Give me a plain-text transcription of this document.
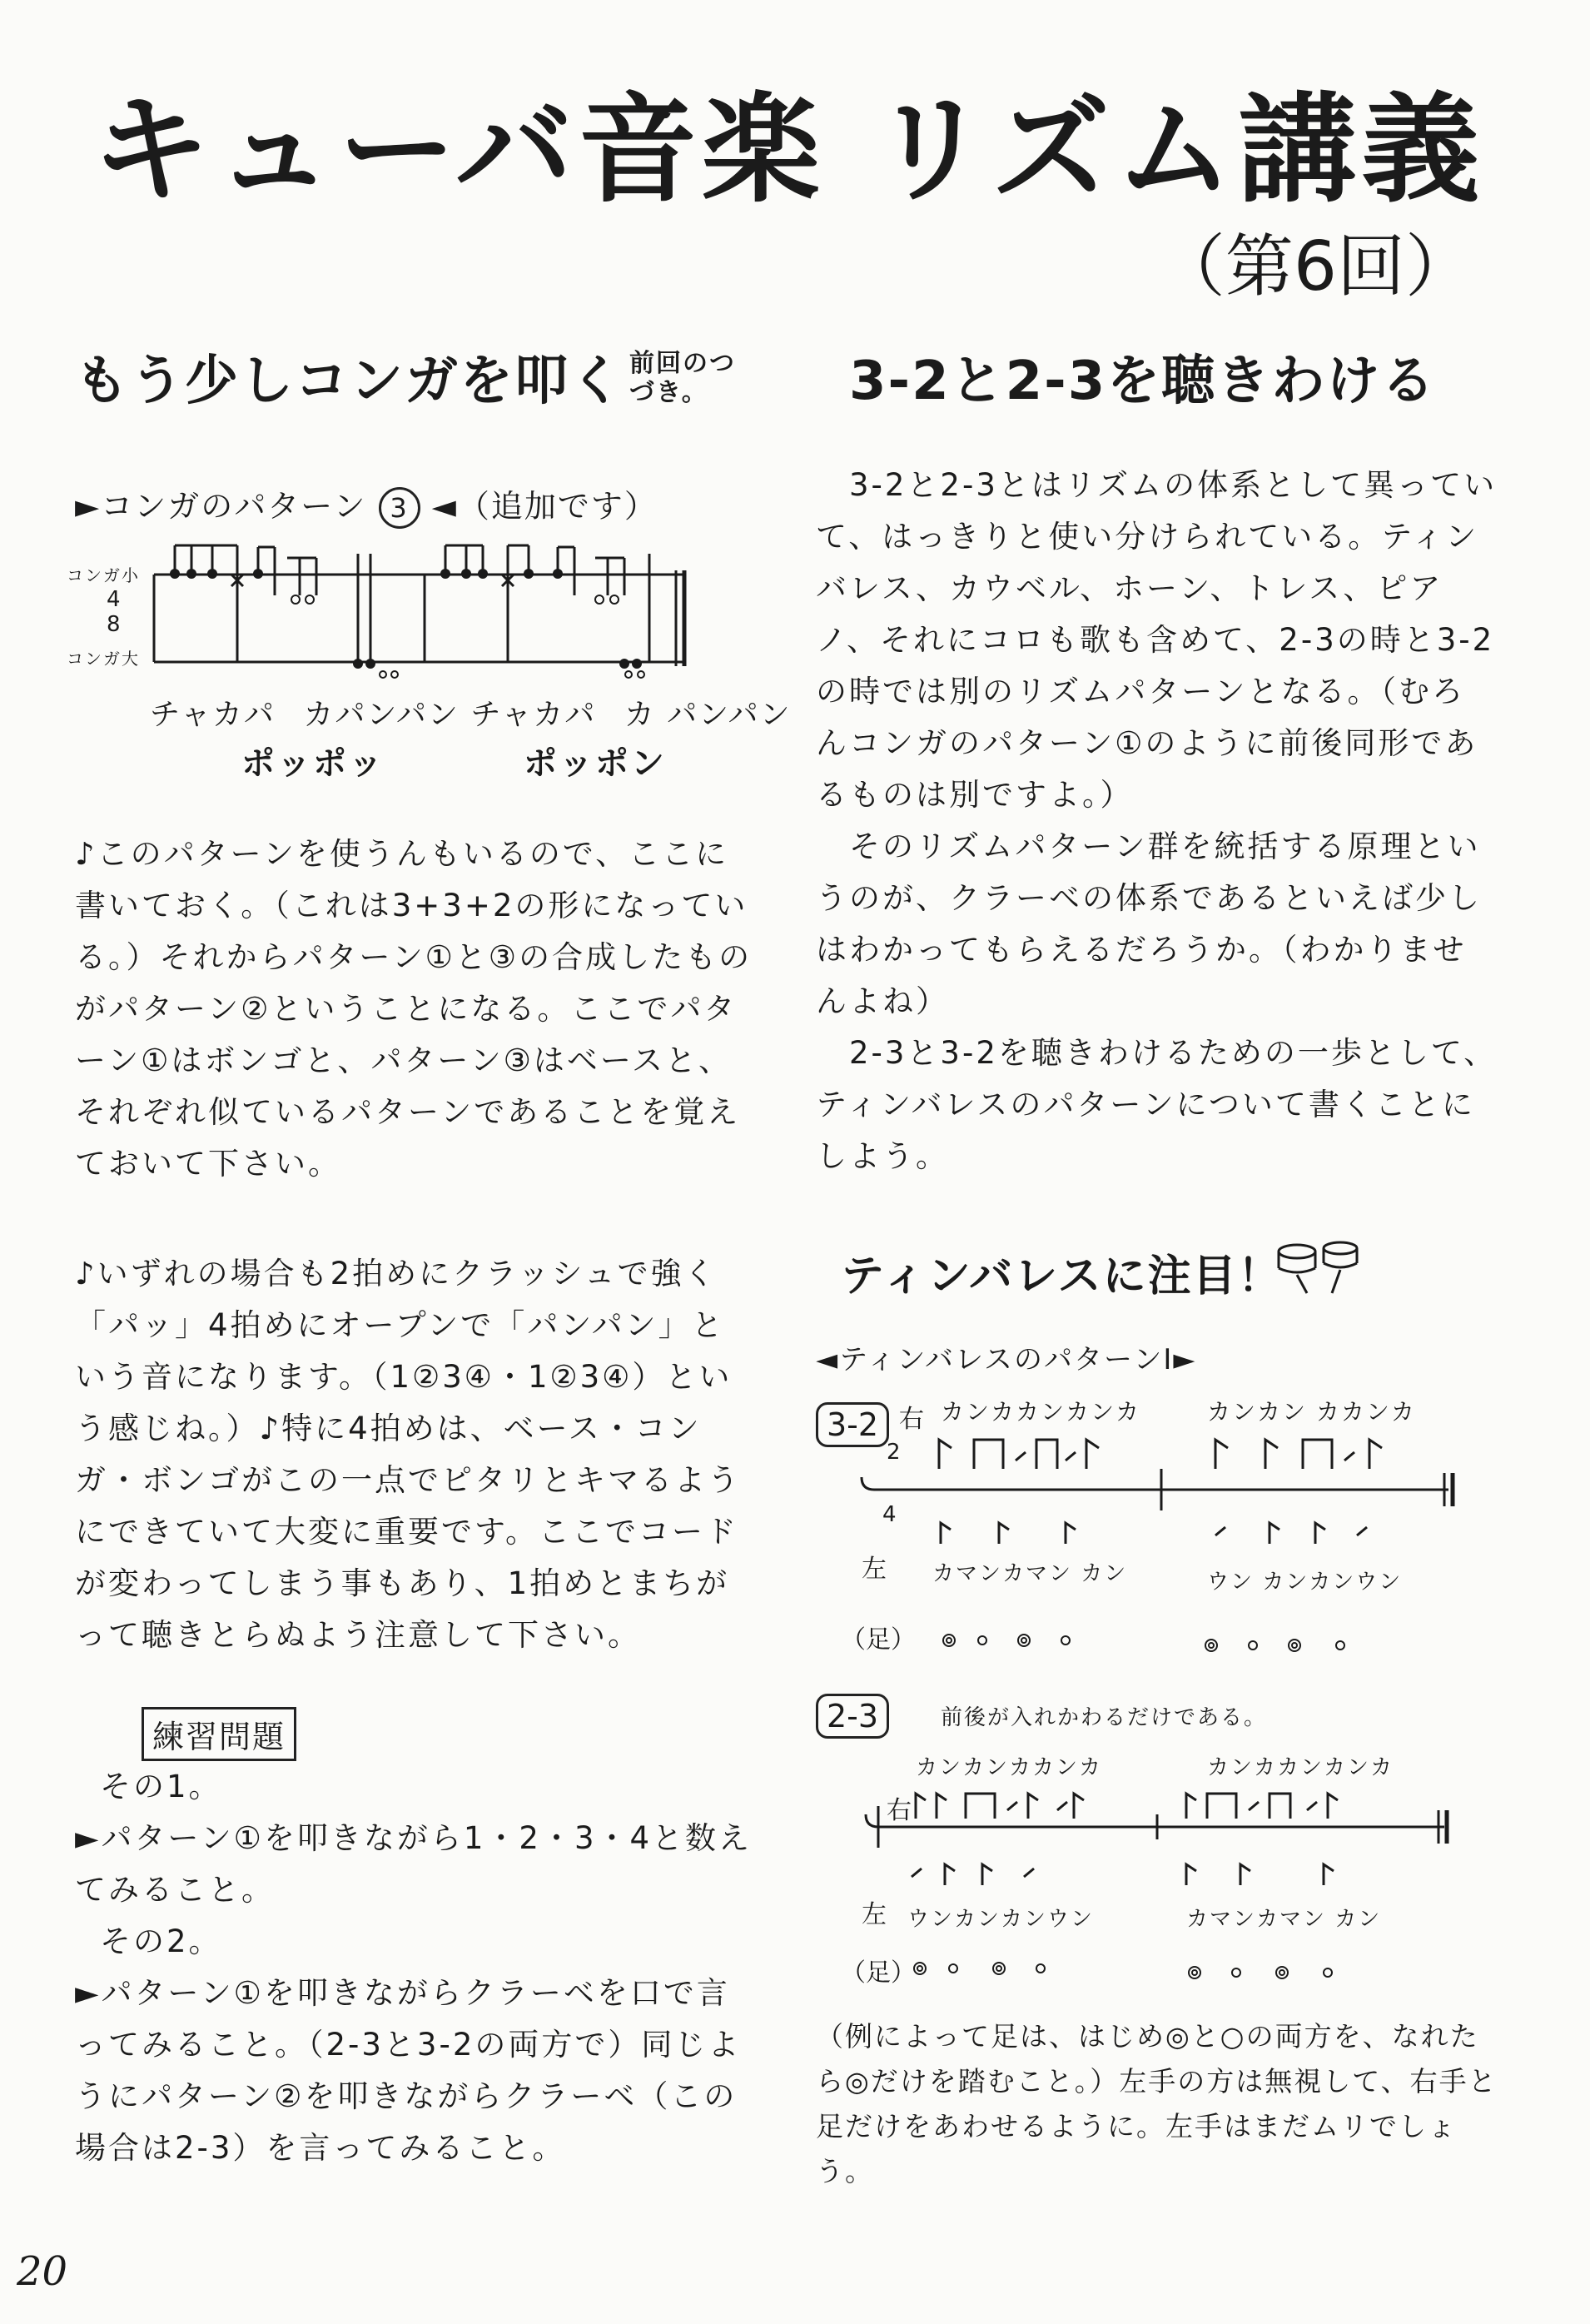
キューバ音楽 リズム講義
（第6回）
もう少しコンガを叩く 前回のつづき。
►コンガのパターン 3 ◄（追加です）
コンガ小
4
8
コンガ大
チャカパ カパンパン チャカパ カ パンパン
ポッポッ	ポッポン

♪このパターンを使うんもいるので、ここに書いておく。（これは3+3+2の形になっている。）それからパターン①と③の合成したものがパターン②ということになる。ここでパターン①はボンゴと、パターン③はベースと、それぞれ似ているパターンであることを覚えておいて下さい。

♪いずれの場合も2拍めにクラッシュで強く「パッ」4拍めにオープンで「パンパン」という音になります。（1②3④・1②3④）という感じね。）♪特に4拍めは、ベース・コンガ・ボンゴがこの一点でピタリとキマるようにできていて大変に重要です。ここでコードが変わってしまう事もあり、1拍めとまちがって聴きとらぬよう注意して下さい。

練習問題

その1。

►パターン①を叩きながら1・2・3・4と数えてみること。

その2。

►パターン①を叩きながらクラーベを口で言ってみること。（2-3と3-2の両方で）同じようにパターン②を叩きながらクラーベ（この場合は2-3）を言ってみること。

3-2と2-3を聴きわける

3-2と2-3とはリズムの体系として異っていて、はっきりと使い分けられている。ティンバレス、カウベル、ホーン、トレス、ピアノ、それにコロも歌も含めて、2-3の時と3-2の時では別のリズムパターンとなる。（むろんコンガのパターン①のように前後同形であるものは別ですよ。）

そのリズムパターン群を統括する原理というのが、クラーベの体系であるといえば少しはわかってもらえるだろうか。（わかりませんよね）

2-3と3-2を聴きわけるための一歩として、ティンバレスのパターンについて書くことにしよう。

ティンバレスに注目！
◄ティンバレスのパターンI►
3-2 右 カンカカンカンカ	カンカン カカンカ
2
4
左 カマンカマン カン	ウン カンカンウン
（足）
2-3	前後が入れかわるだけである。
カンカンカカンカ	カンカカンカンカ
右
左 ウンカンカンウン	カマンカマン カン
（足）

（例によって足は、はじめ◎と○の両方を、なれたら◎だけを踏むこと。）左手の方は無視して、右手と足だけをあわせるように。左手はまだムリでしょう。

20
